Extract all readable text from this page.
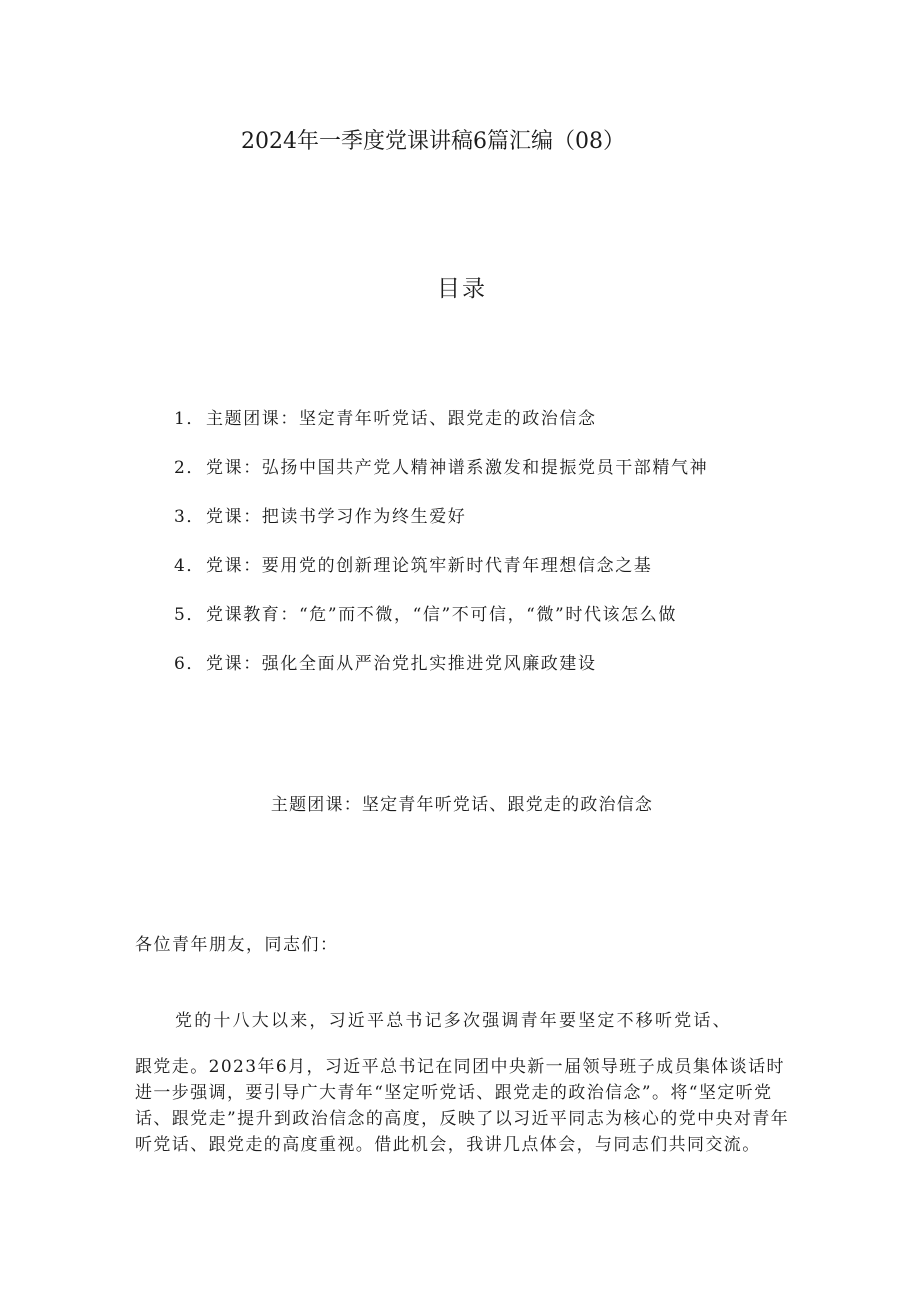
2024年一季度党课讲稿6篇汇编（08）
目录
1．主题团课：坚定青年听党话、跟党走的政治信念
2．党课：弘扬中国共产党人精神谱系激发和提振党员干部精气神
3．党课：把读书学习作为终生爱好
4．党课：要用党的创新理论筑牢新时代青年理想信念之基
5．党课教育：“危”而不微，“信”不可信，“微”时代该怎么做
6．党课：强化全面从严治党扎实推进党风廉政建设
主题团课：坚定青年听党话、跟党走的政治信念
各位青年朋友，同志们：
党的十八大以来，习近平总书记多次强调青年要坚定不移听党话、

跟党走。2023年6月，习近平总书记在同团中央新一届领导班子成员集体谈话时进一步强调，要引导广大青年“坚定听党话、跟党走的政治信念”。将“坚定听党话、跟党走”提升到政治信念的高度，反映了以习近平同志为核心的党中央对青年听党话、跟党走的高度重视。借此机会，我讲几点体会，与同志们共同交流。
